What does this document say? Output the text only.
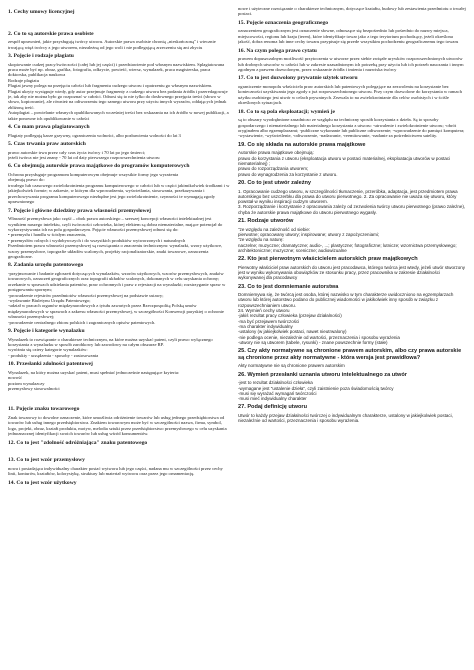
1. Cechy umowy licencyjnej
2. Co to są autorskie prawa osobiste

zespół uprawnień, jakie przysługują twórcy utworu. Autorskie prawa osobiste chronią „nieskończoną" i wiecznie trwającą więź twórcy z jego utworem, niezależną od jego woli i nie podlegającą zrzeczeniu się ani zbyciu

3. Pojęcie i rodzaje plagiatu

skopiowanie cudzej pracy/twórczości (całej lub jej części) i przedstawienie pod własnym nazwiskiem. Splagiatowana praca może być np. obraz, grafika, fotografia, odkrycie, powieść, wiersz, wynalazek, praca magisterska, praca doktorska, publikacja naukowa

Rodzaje plagiatu

Plagiat jawny polega na przejęciu całości lub fragmentu cudzego utworu i opatrzeniu go własnym nazwiskiem.

Plagiat ukryty występuje wtedy, gdy autor przejmuje fragmenty z cudzego utworu bez podania źródła i przeredagowuje je, tak aby nie można było go rozpoznać w całości. Odnosi się to nie tylko do dosłownego przejęcia treści (słowo w słowo, kopiowanie), ale również na odtworzeniu tego samego utworu przy użyciu innych wyrazów, oddających jednak zbliżoną treść.

Autoplagiat – powielanie własnych opublikowanych wcześniej treści bez wskazania na ich źródło w nowej publikacji, a także ponowne ich opublikowanie w całości

4. Co mam prawa plagiatowanych

Plagiaty podlegają karze grzywny, ograniczenia wolności, albo pozbawienia wolności do lat 3

5. Czas trwania praw autorskich

prawo autorskie trwa przez cały czas życia twórcy i 70 lat po jego śmierci;

jeżeli twórca nie jest znany - 70 lat od daty pierwszego rozpowszechnienia utworu

6. Co obejmują autorskie prawa majątkowe do programów komputerowych

Ochrona przysługuje programom komputerowym obejmuje wszystkie formy jego wyrażenia

obejmują prawo do:

trwałego lub czasowego zwielokrotnienia programu komputerowego w całości lub w części jakimikolwiek środkami i w jakiejkolwiek formie; w zakresie, w którym dla wprowadzenia, wyświetlania, stosowania, przekazywania i przechowywania programu komputerowego niezbędne jest jego zwielokrotnienie, czynności te wymagają zgody uprawnionego

7. Pojęcie i główne dziedziny prawa własności przemysłowej

Własność przemysłowa jako część – obok prawa autorskiego – szerszej koncepcji własności intelektualnej jest wynikiem naszego intelektu, czyli twórczości człowieka, której efektem są dobra niematerialne, mające potencjał do wykorzystywania ich na polu gospodarczym. Pojęcie własności przemysłowej odnosi się do:

• przemysłu i handlu w ścisłym znaczeniu,

• przemysłów rolnych i wydobywczych i do wszystkich produktów wytworzonych i naturalnych

Przedmiotem prawa własności przemysłowej są rozwiązania o znaczeniu technicznym: wynalazki, wzory użytkowe, wzory przemysłowe, topografie układów scalonych, projekty racjonalizatorskie, znaki towarowe, oznaczenia geograficzne.

8. Zadania urzędu patentowego

-przyjmowanie i badanie zgłoszeń dotyczących wynalazków, wzorów użytkowych, wzorów przemysłowych, znaków towarowych, oznaczeń geograficznych oraz topografii układów scalonych, dokonanych w celu uzyskania ochrony; orzekanie w sprawach udzielania patentów, praw ochronnych i praw z rejestracji na wynalazki; rozstrzyganie spraw w postępowaniu spornym;

-prowadzenie rejestrów przedmiotów własności przemysłowej na podstawie ustawy;

-wydawanie Biuletynu Urzędu Patentowego;

-udział w pracach organów międzynarodowych z tytułu zawartych przez Rzeczpospolitą Polską umów międzynarodowych w sprawach z zakresu własności przemysłowej, w szczególności Konwencji paryskiej o ochronie własności przemysłowej;

-prowadzenie centralnego zbioru polskich i zagranicznych opisów patentowych.

9. Pojęcie i kategorie wynalazku

Wynalazek to rozwiązanie o charakterze technicznym, na które można uzyskać patent, czyli prawo wyłącznego korzystania z wynalazku w sposób zarobkowy lub zawodowy na całym obszarze RP.

wyróżnia się cztery kategorie wynalazków:

- produkty - urządzenia - sposoby - zastosowania

10. Przesłanki zdolności patentowej

Wynalazek, na który można uzyskać patent, musi spełniać jednocześnie następujące kryteria:

nowość

poziom wynalazczy

przemysłowy stosowalności

11. Pojęcie znaku towarowego

Znak towarowy to dowolne oznaczenie, które umożliwia odróżnienie towarów lub usług jednego przedsiębiorstwa od towarów lub usług innego przedsiębiorstwa. Znakiem towarowym może być w szczególności nazwa, firma, symbol, logo, projekt, obraz, kształt produktu, motyw, melodia sztuki przez przedsiębiorstwo przemysłowego w celu uzyskania jednoznacznej identyfikacji swoich towarów lub usług wśród konsumentów.

12. Co to jest "zdolność odróżniająca" znaku patentowego
13. Co to jest wzór przemysłowy

nowa i posiadająca indywidualny charakter postać wytworu lub jego części, nadana mu w szczególności przez cechy linii, konturów, kształtów, kolorystykę, struktury lub materiał wytworu oraz przez jego ornamentację.

14. Co to jest wzór użytkowy

nowe i użyteczne rozwiązanie o charakterze technicznym, dotyczące kształtu, budowy lub zestawienia przedmiotu o trwałej postaci.

15. Pojęcie oznaczenia geograficznego

oznaczeniem geograficznym jest oznaczenie słowne, odnoszące się bezpośrednio lub pośrednio do nazwy miejsca, miejscowości, regionu lub kraju (teren), które identyfikuje towar jako z tego terytorium pochodzący, jeżeli określona jakość, dobra renoma lub inne cechy towaru przypisuje się przede wszystkim pochodzeniu geograficznemu tego towaru

16. Na czym polega prawo cytatu

prawem dopuszczalnym możliwość przytoczenia w utworze przez siebie zwięzłe urywków rozpowszechnionych utworów lub drobnych utworów w całości lub w zakresie uzasadnionym ich potrzebą przy użyciu lub ich potrzeb nauczania i innym zgodnym z prawem dozwolonym, przez wskazanie źródła i imienia i nazwiska twórcy

17. Co to jest dozwolony prywatnie użytek utworu

ograniczenie monopolu właściciela praw autorskich lub patentowych polegające na zezwoleniu na korzystanie bez konieczności uzyskiwania jego zgody z już rozpowszechnionego utworu. Przy czym dozwolone do korzystania w ramach użytku osobistego jest utwór w celach prywatnych. Zezwala to na zwielokrotnianie dla celów osobistych i w ściśle określonych sytuacjach.

18. Co to są pola eksploatacji; wymień je

są to obszary wyodrębnione zasadniczo ze względu na techniczny sposób korzystania z dzieła. Są to sposoby gospodarczego i niematerialnego lub materialnego korzystania z utworu: -utrwalenie i zwielokrotnienie utworu; -obrót oryginałem albo egzemplarzami; -publiczne wykonanie lub publiczne odtworzenie; -wprowadzenie do pamięci komputera; -wystawienie, -wyświetlenie, -odtworzenie, -nadawanie, -reemitowanie, -nadanie za pośrednictwem satelity.

19. Co się składa na autorskie prawa majątkowe

Autorskie prawa majątkowe obejmują:

prawo do korzystania z utworu (eksploatacja utworu w postaci materialnej, eksploatacja utworów w postaci niematerialnej) ;

prawo do rozporządzania utworem;

prawo do wynagrodzenia za korzystanie z utworu.

20. Co to jest utwór zależny

1. Opracowanie cudzego utworu, w szczególności tłumaczenie, przeróbka, adaptacja, jest przedmiotem prawa autorskiego bez uszczerbku dla prawa do utworu pierwotnego. 2. Za opracowanie nie uważa się utworu, który powstał w wyniku inspiracji cudzym utworem.

3. Rozporządzanie i korzystanie z opracowania zależy od zezwolenia twórcy utworu pierwotnego (prawo zależne), chyba że autorskie prawa majątkowe do utworu pierwotnego wygasły.

21. Rodzaje utworów

"ze względu na zależność od siebie:

pierwotne; opracowany utwory; inspirowane; utwory z zapożyczeniami;

"ze względu na naturę:

naczelne; muzyczne; dramatyczne; audio-, ...; plastyczne; fotograficzne; lutnicze; wzornictwa przemysłowego; architektoniczne; muzyczne; sceniczne; audiowizualne

22. Kto jest pierwotnym właścicielem autorskich praw majątkowych

Pierwotny właściciel praw autorskich do utworu jest pracodawca, którego twórca jest wtedy, jeżeli utwór stworzony jest w wyniku wykonywania obowiązków ze stosunku pracy, przez pracownika w zakresie działalności wykonywanej dla pracodawcy

23. Co to jest domniemanie autorstwa

Domniemywa się, że twórcą jest osoba, której nazwisko w tym charakterze uwidoczniono na egzemplarzach utworu lub której autorstwo podano do publicznej wiadomości w jakikolwiek inny sposób w związku z rozpowszechnianiem utworu.

24. Wymień cechy utworu

-jakiś rezultat pracy człowieka (przejaw działalności)

-ma być przejawem twórczości

-ma charakter indywidualny

-ustalony (w jakiejkolwiek postaci, nawet nieutrwalony)

-nie podlega ocenie, niezależnie od wartości, przeznaczenia i sposobu wyrażenia

-utwory nie są utworem (tabele, rysunki) - znane powszechnie formy (stałe)

25. Czy akty normatywne są chronione prawem autorskim, albo czy prawa autorskie są chronione przez akty normatywne - która wersja jest prawidłowa?

Akty normatywne nie są chronione prawem autorskim

26. Wymień przesłanki uznania utworu intelektualnego za utwór

-jest to rezultat działalności człowieka

-wymagane jest "ustalenie dzieła", czyli zaistnienie poza świadomością twórcy

-musi się wyrażać wymagań twórczości

-musi mieć indywidualny charakter

27. Podaj definicję utworu

Utwór to każdy przejaw działalności twórczej o indywidualnym charakterze, ustalony w jakiejkolwiek postaci, niezależnie od wartości, przeznaczenia i sposobu wyrażenia.
